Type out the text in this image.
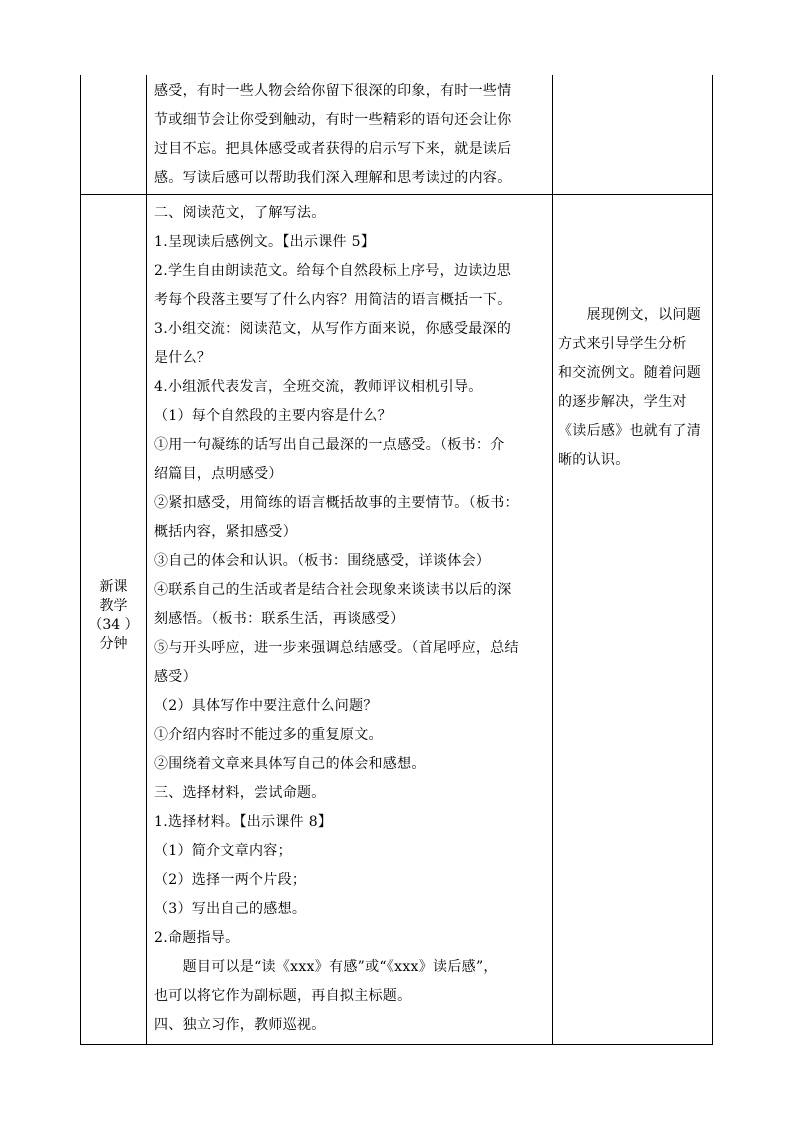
感受，有时一些人物会给你留下很深的印象，有时一些情
节或细节会让你受到触动，有时一些精彩的语句还会让你
过目不忘。把具体感受或者获得的启示写下来，就是读后
感。写读后感可以帮助我们深入理解和思考读过的内容。
新课
教学
（34 ）
分钟
二、阅读范文，了解写法。
1.呈现读后感例文。【出示课件 5】
2.学生自由朗读范文。给每个自然段标上序号，边读边思
考每个段落主要写了什么内容？用简洁的语言概括一下。
3.小组交流：阅读范文，从写作方面来说，你感受最深的
是什么？
4.小组派代表发言，全班交流，教师评议相机引导。
（1）每个自然段的主要内容是什么？
①用一句凝练的话写出自己最深的一点感受。（板书：介
绍篇目，点明感受）
②紧扣感受，用简练的语言概括故事的主要情节。（板书：
概括内容，紧扣感受）
③自己的体会和认识。（板书：围绕感受，详谈体会）
④联系自己的生活或者是结合社会现象来谈读书以后的深
刻感悟。（板书：联系生活，再谈感受）
⑤与开头呼应，进一步来强调总结感受。（首尾呼应，总结
感受）
（2）具体写作中要注意什么问题？
①介绍内容时不能过多的重复原文。
②围绕着文章来具体写自己的体会和感想。
三、选择材料，尝试命题。
1.选择材料。【出示课件 8】
（1）简介文章内容；
（2）选择一两个片段；
（3）写出自己的感想。
2.命题指导。
　　题目可以是“读《xxx》有感”或“《xxx》读后感”，
也可以将它作为副标题，再自拟主标题。
四、独立习作，教师巡视。
　　展现例文，以问题
方式来引导学生分析
和交流例文。随着问题
的逐步解决，学生对
《读后感》也就有了清
晰的认识。
